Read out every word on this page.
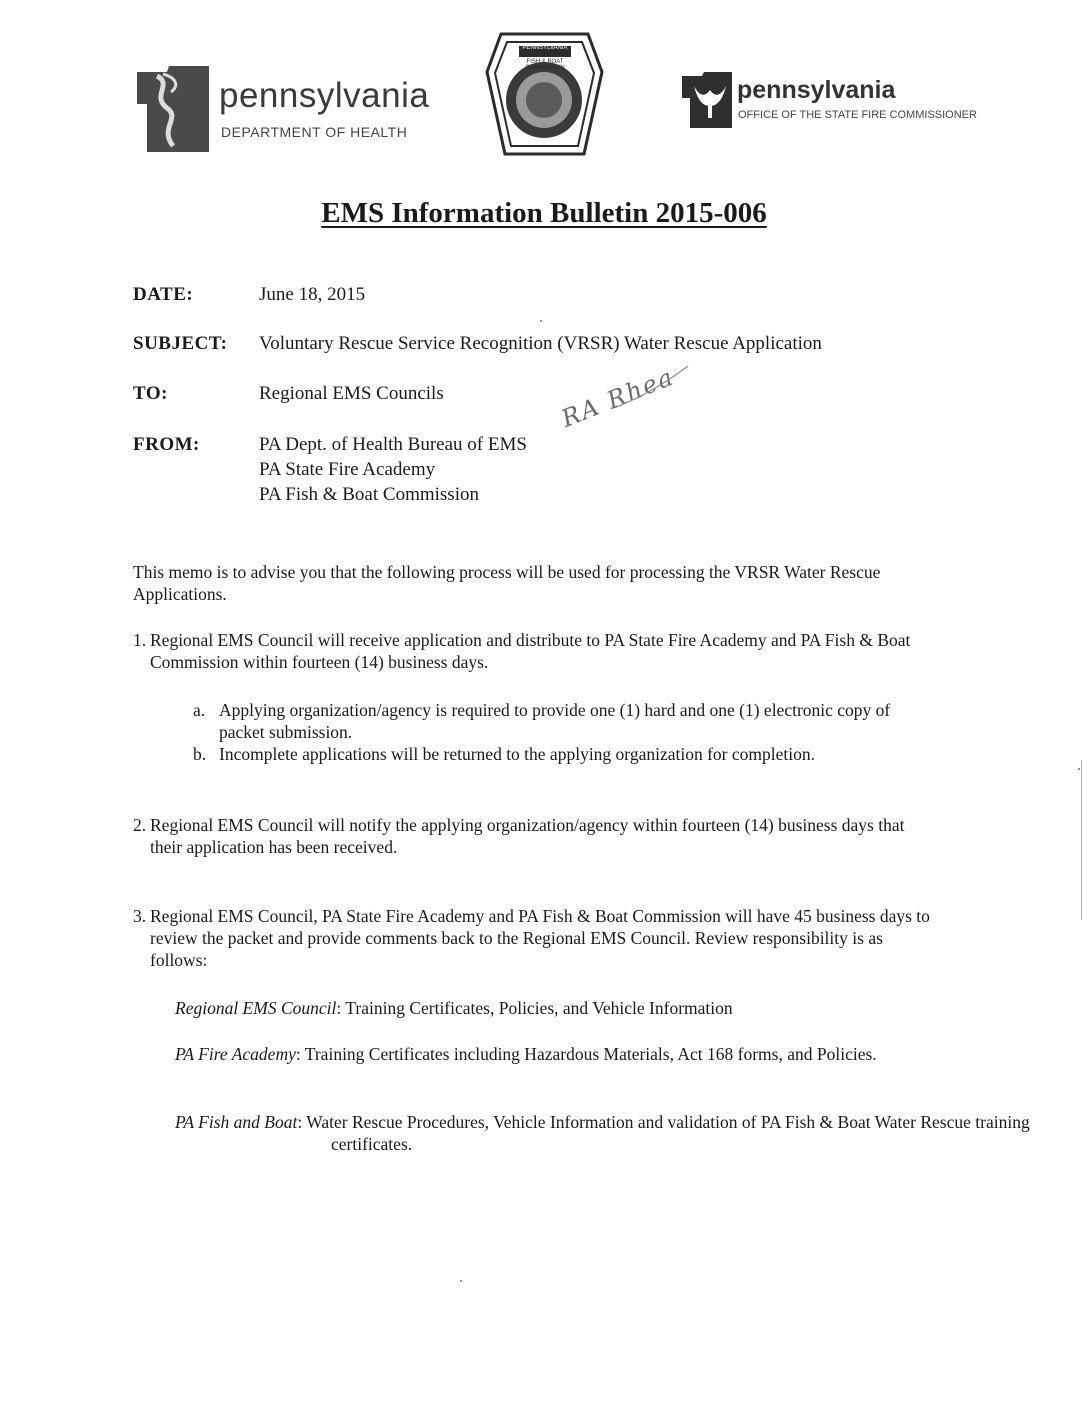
pennsylvania
DEPARTMENT OF HEALTH
PENNSYLVANIA
FISH & BOAT COMMISSION
pennsylvania
OFFICE OF THE STATE FIRE COMMISSIONER
EMS Information Bulletin 2015-006
DATE:	June 18, 2015
SUBJECT: Voluntary Rescue Service Recognition (VRSR) Water Rescue Application
TO:	Regional EMS Councils
FROM:	PA Dept. of Health Bureau of EMS
PA State Fire Academy
PA Fish & Boat Commission
RA Rhea
This memo is to advise you that the following process will be used for processing the VRSR Water Rescue Applications.
1. Regional EMS Council will receive application and distribute to PA State Fire Academy and PA Fish & Boat Commission within fourteen (14) business days.
a. Applying organization/agency is required to provide one (1) hard and one (1) electronic copy of packet submission.
b. Incomplete applications will be returned to the applying organization for completion.
2. Regional EMS Council will notify the applying organization/agency within fourteen (14) business days that their application has been received.
3. Regional EMS Council, PA State Fire Academy and PA Fish & Boat Commission will have 45 business days to review the packet and provide comments back to the Regional EMS Council. Review responsibility is as follows:
Regional EMS Council: Training Certificates, Policies, and Vehicle Information
PA Fire Academy: Training Certificates including Hazardous Materials, Act 168 forms, and Policies.
PA Fish and Boat: Water Rescue Procedures, Vehicle Information and validation of PA Fish & Boat Water Rescue training certificates.
